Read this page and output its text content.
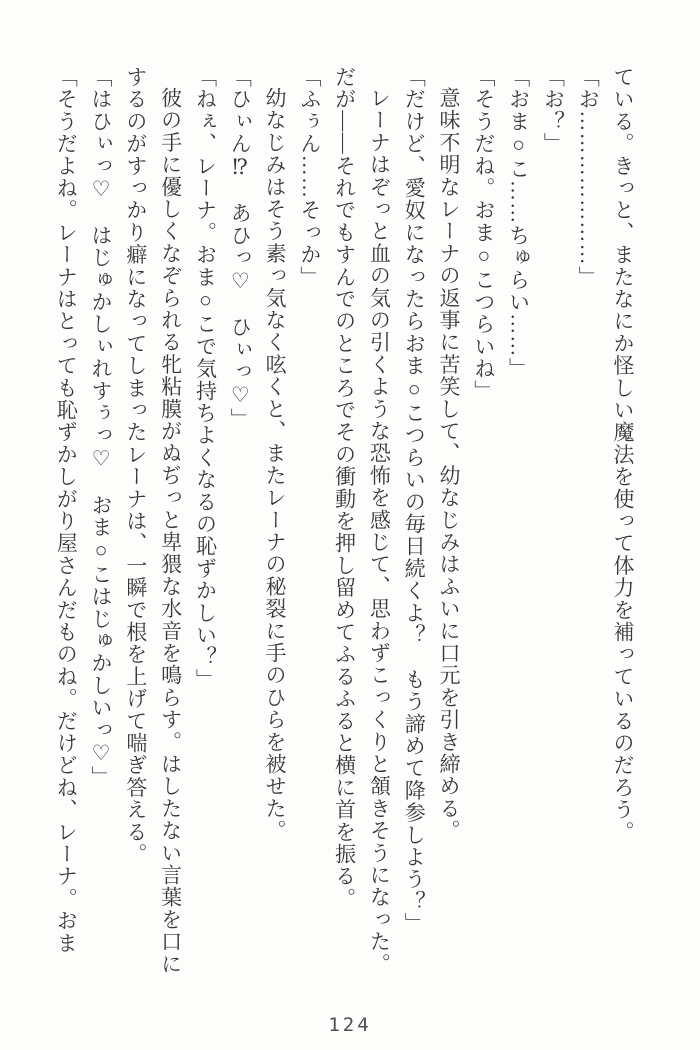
ている。きっと、またなにか怪しい魔法を使って体力を補っているのだろう。

「お…………………」

「お？」

「おま○こ……ちゅらい……」

「そうだね。おま○こつらいね」

意味不明なレーナの返事に苦笑して、幼なじみはふいに口元を引き締める。

「だけど、愛奴になったらおま○こつらいの毎日続くよ？　もう諦めて降参しよう？」

レーナはぞっと血の気の引くような恐怖を感じて、思わずこっくりと頷きそうになった。

だが——それでもすんでのところでその衝動を押し留めてふるふると横に首を振る。

「ふぅん……そっか」

幼なじみはそう素っ気なく呟くと、またレーナの秘裂に手のひらを被せた。

「ひぃん⁉　あひっ♡　ひぃっ♡」

「ねぇ、レーナ。おま○こで気持ちよくなるの恥ずかしい？」

彼の手に優しくなぞられる牝粘膜がぬぢっと卑猥な水音を鳴らす。はしたない言葉を口にするのがすっかり癖になってしまったレーナは、一瞬で根を上げて喘ぎ答える。

「はひぃっ♡　はじゅかしぃれすぅっ♡　おま○こはじゅかしいっ♡」

「そうだよね。レーナはとっても恥ずかしがり屋さんだものね。だけどね、レーナ。おま

124
